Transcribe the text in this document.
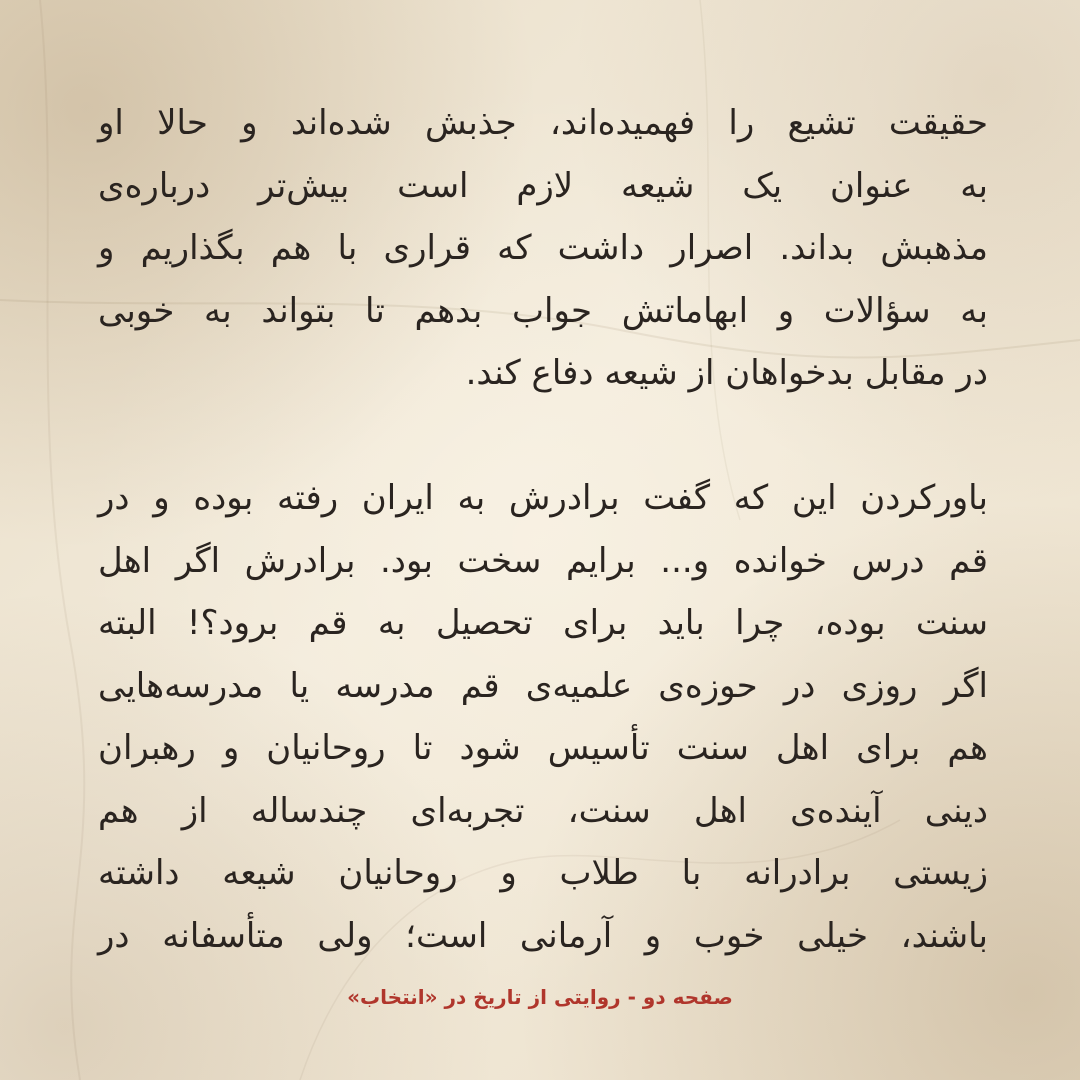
حقیقت تشیع را فهمیده‌اند، جذبش شده‌اند و حالا او
به عنوان یک شیعه لازم است بیش‌تر درباره‌ی
مذهبش بداند. اصرار داشت که قراری با هم بگذاریم و
به سؤالات و ابهاماتش جواب بدهم تا بتواند به خوبی
در مقابل بدخواهان از شیعه دفاع کند.
باورکردن این که گفت برادرش به ایران رفته بوده و در
قم درس خوانده و... برایم سخت بود. برادرش اگر اهل
سنت بوده، چرا باید برای تحصیل به قم برود؟! البته
اگر روزی در حوزه‌ی علمیه‌ی قم مدرسه یا مدرسه‌هایی
هم برای اهل سنت تأسیس شود تا روحانیان و رهبران
دینی آینده‌ی اهل سنت، تجربه‌ای چندساله از هم
زیستی برادرانه با طلاب و روحانیان شیعه داشته
باشند، خیلی خوب و آرمانی است؛ ولی متأسفانه در
صفحه دو - روایتی از تاریخ در «انتخاب»
